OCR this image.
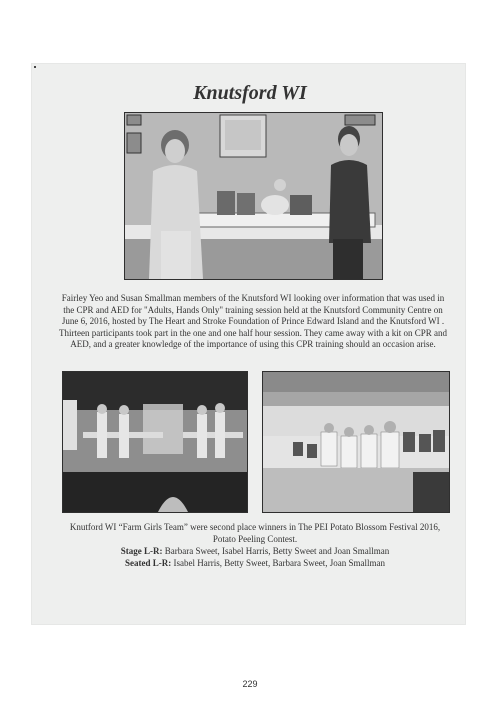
Knutsford WI
Fairley Yeo and Susan Smallman members of the Knutsford WI looking over information that was used in the CPR and AED for "Adults, Hands Only" training session held at the Knutsford Community Centre on June 6, 2016, hosted by The Heart and Stroke Foundation of Prince Edward Island and the Knutsford WI . Thirteen participants took part in the one and one half hour session. They came away with a kit on CPR and AED, and a greater knowledge of the importance of using this CPR training should an occasion arise.
Knutford WI “Farm Girls Team” were second place winners in The PEI Potato Blossom Festival 2016, Potato Peeling Contest.
Stage L-R: Barbara Sweet, Isabel Harris, Betty Sweet and Joan Smallman
Seated L-R: Isabel Harris, Betty Sweet, Barbara Sweet, Joan Smallman
229
